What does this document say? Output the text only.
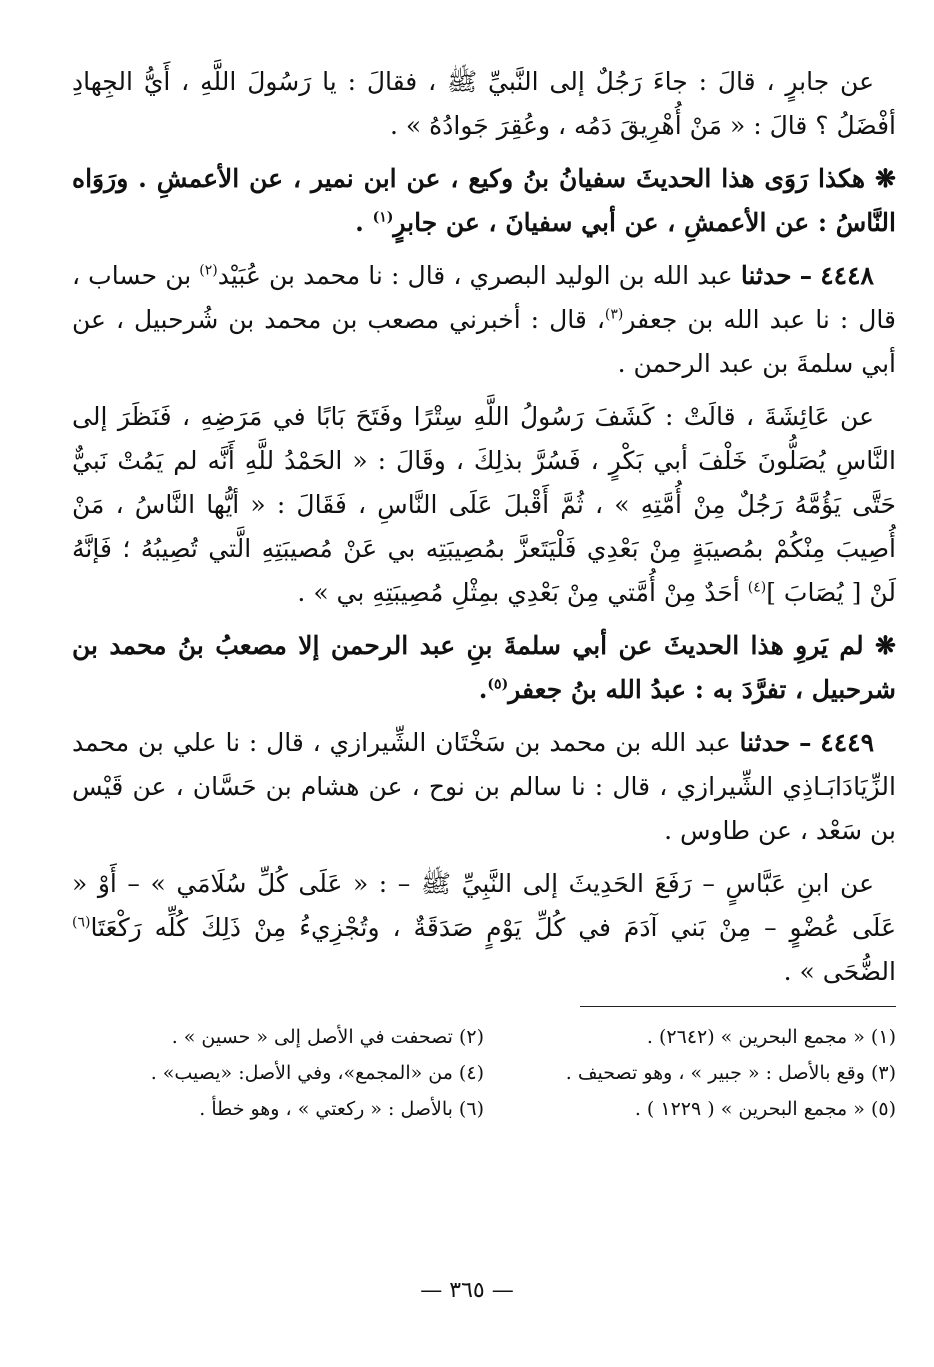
عن جابرٍ ، قالَ : جاءَ رَجُلٌ إلى النَّبيِّ ﷺ ، فقالَ : يا رَسُولَ اللَّهِ ، أَيُّ الجِهادِ أفْضَلُ ؟ قالَ : « مَنْ أُهْرِيقَ دَمُه ، وعُقِرَ جَوادُهُ » .

❋ هكذا رَوَى هذا الحديثَ سفيانُ بنُ وكيع ، عن ابن نمير ، عن الأعمشِ . ورَوَاه النَّاسُ : عن الأعمشِ ، عن أبي سفيانَ ، عن جابرٍ$^{(١)}$ .

٤٤٤٨ – حدثنا عبد الله بن الوليد البصري ، قال : نا محمد بن عُبَيْد$^{(٢)}$ بن حساب ، قال : نا عبد الله بن جعفر$^{(٣)}$، قال : أخبرني مصعب بن محمد بن شُرحبيل ، عن أبي سلمةَ بن عبد الرحمن .

عن عَائِشَةَ ، قالَتْ : كَشَفَ رَسُولُ اللَّهِ سِتْرًا وفَتَحَ بَابًا في مَرَضِهِ ، فَنَظَرَ إلى النَّاسِ يُصَلُّونَ خَلْفَ أبي بَكْرٍ ، فَسُرَّ بذلِكَ ، وقَالَ : « الحَمْدُ للَّهِ أَنَّه لم يَمُتْ نَبيٌّ حَتَّى يَؤُمَّهُ رَجُلٌ مِنْ أُمَّتِهِ » ، ثُمَّ أَقْبلَ عَلَى النَّاسِ ، فَقَالَ : « أيُّها النَّاسُ ، مَنْ أُصِيبَ مِنْكُمْ بمُصيبَةٍ مِنْ بَعْدِي فَلْيَتَعزَّ بمُصِيبَتِه بي عَنْ مُصيبَتِهِ الَّتي تُصِيبُهُ ؛ فَإنَّهُ لَنْ [ يُصَابَ ]$^{(٤)}$ أحَدٌ مِنْ أُمَّتي مِنْ بَعْدِي بمِثْلِ مُصِيبَتِهِ بي » .

❋ لم يَروِ هذا الحديثَ عن أبي سلمةَ بنِ عبد الرحمن إلا مصعبُ بنُ محمد بن شرحبيل ، تفرَّدَ به : عبدُ الله بنُ جعفر$^{(٥)}$.

٤٤٤٩ – حدثنا عبد الله بن محمد بن سَخْتَان الشِّيرازي ، قال : نا علي بن محمد الزِّيَادَابَـاذِي الشِّيرازي ، قال : نا سالم بن نوح ، عن هشام بن حَسَّان ، عن قَيْس بن سَعْد ، عن طاوس .

عن ابنِ عَبَّاسٍ – رَفَعَ الحَدِيثَ إلى النَّبِيِّ ﷺ – : « عَلَى كُلِّ سُلَامَي » – أَوْ « عَلَى عُضْوٍ – مِنْ بَني آدَمَ في كُلِّ يَوْمٍ صَدَقَةٌ ، وتُجْزِيءُ مِنْ ذَلِكَ كُلِّه رَكْعَتَا$^{(٦)}$ الضُّحَى » .

(١) « مجمع البحرين » (٢٦٤٢) .
(٢) تصحفت في الأصل إلى « حسين » .
(٣) وقع بالأصل : « جبير » ، وهو تصحيف .
(٤) من «المجمع»، وفي الأصل: «يصيب» .
(٥) « مجمع البحرين » ( ١٢٢٩ ) .
(٦) بالأصل : « ركعتي » ، وهو خطأ .
— ٣٦٥ —
